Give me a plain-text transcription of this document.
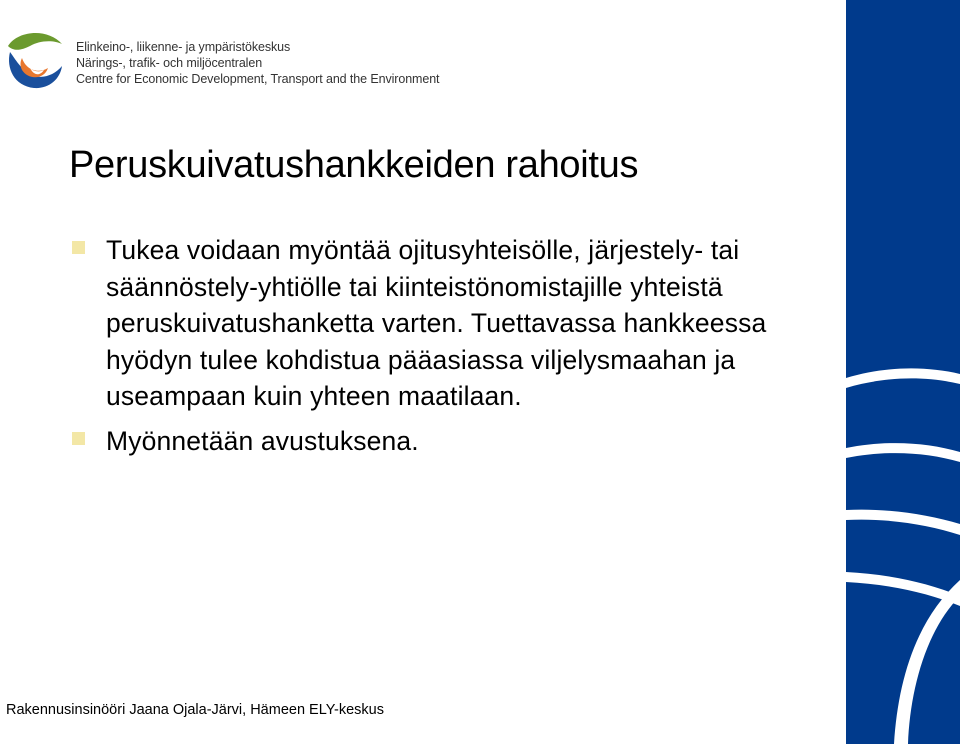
Elinkeino-, liikenne- ja ympäristökeskus
Närings-, trafik- och miljöcentralen
Centre for Economic Development, Transport and the Environment
Peruskuivatushankkeiden rahoitus
Tukea voidaan myöntää ojitusyhteisölle, järjestely- tai säännöstely-yhtiölle tai kiinteistönomistajille yhteistä peruskuivatushanketta varten. Tuettavassa hankkeessa hyödyn tulee kohdistua pääasiassa viljelysmaahan ja useampaan kuin yhteen maatilaan.
Myönnetään avustuksena.
Rakennusinsinööri Jaana Ojala-Järvi, Hämeen ELY-keskus
